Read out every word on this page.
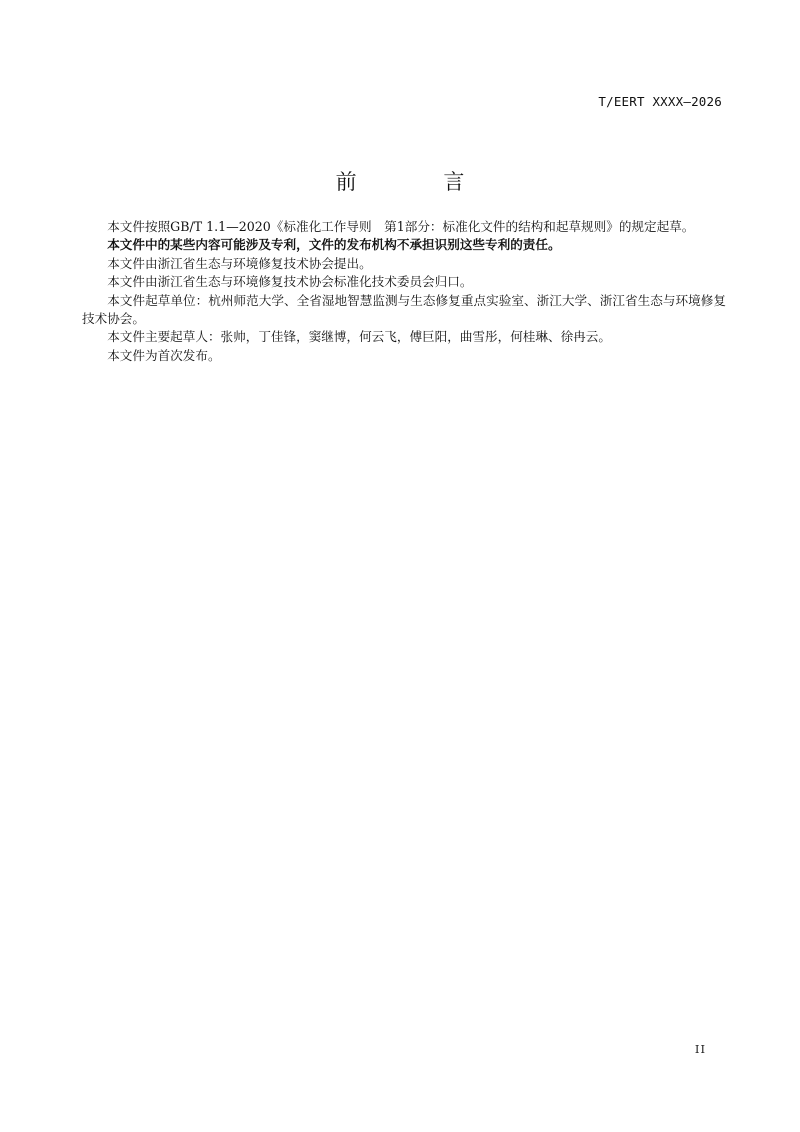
T/EERT XXXX—2026
前 言

本文件按照GB/T 1.1—2020《标准化工作导则　第1部分：标准化文件的结构和起草规则》的规定起草。

本文件中的某些内容可能涉及专利，文件的发布机构不承担识别这些专利的责任。

本文件由浙江省生态与环境修复技术协会提出。

本文件由浙江省生态与环境修复技术协会标准化技术委员会归口。

本文件起草单位：杭州师范大学、全省湿地智慧监测与生态修复重点实验室、浙江大学、浙江省生态与环境修复技术协会。

本文件主要起草人：张帅，丁佳锋，窦继博，何云飞，傅巨阳，曲雪彤，何桂琳、徐冉云。

本文件为首次发布。

II
